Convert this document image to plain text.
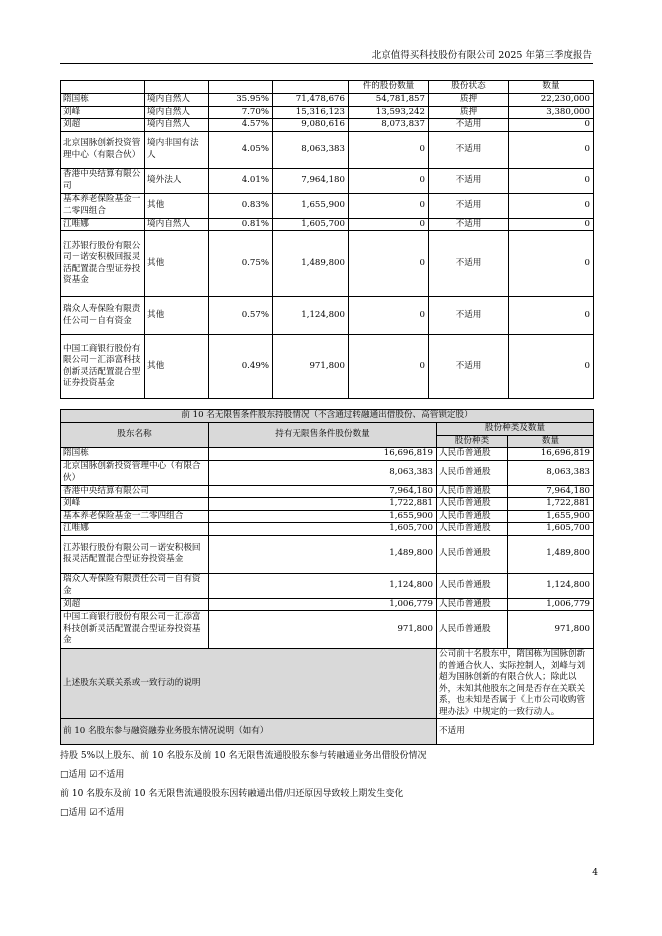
北京值得买科技股份有限公司 2025 年第三季度报告
				件的股份数量	股份状态	数量
隋国栋	境内自然人	35.95%	71,478,676	54,781,857	质押	22,230,000
刘峰	境内自然人	7.70%	15,316,123	13,593,242	质押	3,380,000
刘超	境内自然人	4.57%	9,080,616	8,073,837	不适用	0
北京国脉创新投资管理中心（有限合伙）	境内非国有法人	4.05%	8,063,383	0	不适用	0
香港中央结算有限公司	境外法人	4.01%	7,964,180	0	不适用	0
基本养老保险基金一二零四组合	其他	0.83%	1,655,900	0	不适用	0
江唯娜	境内自然人	0.81%	1,605,700	0	不适用	0
江苏银行股份有限公司－诺安积极回报灵活配置混合型证券投资基金	其他	0.75%	1,489,800	0	不适用	0
瑞众人寿保险有限责任公司－自有资金	其他	0.57%	1,124,800	0	不适用	0
中国工商银行股份有限公司－汇添富科技创新灵活配置混合型证券投资基金	其他	0.49%	971,800	0	不适用	0
前 10 名无限售条件股东持股情况（不含通过转融通出借股份、高管锁定股）			
股东名称	持有无限售条件股份数量	股份种类及数量	
		股份种类	数量
隋国栋	16,696,819	人民币普通股	16,696,819
北京国脉创新投资管理中心（有限合伙）	8,063,383	人民币普通股	8,063,383
香港中央结算有限公司	7,964,180	人民币普通股	7,964,180
刘峰	1,722,881	人民币普通股	1,722,881
基本养老保险基金一二零四组合	1,655,900	人民币普通股	1,655,900
江唯娜	1,605,700	人民币普通股	1,605,700
江苏银行股份有限公司－诺安积极回报灵活配置混合型证券投资基金	1,489,800	人民币普通股	1,489,800
瑞众人寿保险有限责任公司－自有资金	1,124,800	人民币普通股	1,124,800
刘超	1,006,779	人民币普通股	1,006,779
中国工商银行股份有限公司－汇添富科技创新灵活配置混合型证券投资基金	971,800	人民币普通股	971,800
上述股东关联关系或一致行动的说明		公司前十名股东中，隋国栋为国脉创新的普通合伙人、实际控制人，刘峰与刘超为国脉创新的有限合伙人；除此以外，未知其他股东之间是否存在关联关系，也未知是否属于《上市公司收购管理办法》中规定的一致行动人。	
前 10 名股东参与融资融券业务股东情况说明（如有）		不适用	
持股 5%以上股东、前 10 名股东及前 10 名无限售流通股股东参与转融通业务出借股份情况
□适用 ☑不适用
前 10 名股东及前 10 名无限售流通股股东因转融通出借/归还原因导致较上期发生变化
□适用 ☑不适用
4
